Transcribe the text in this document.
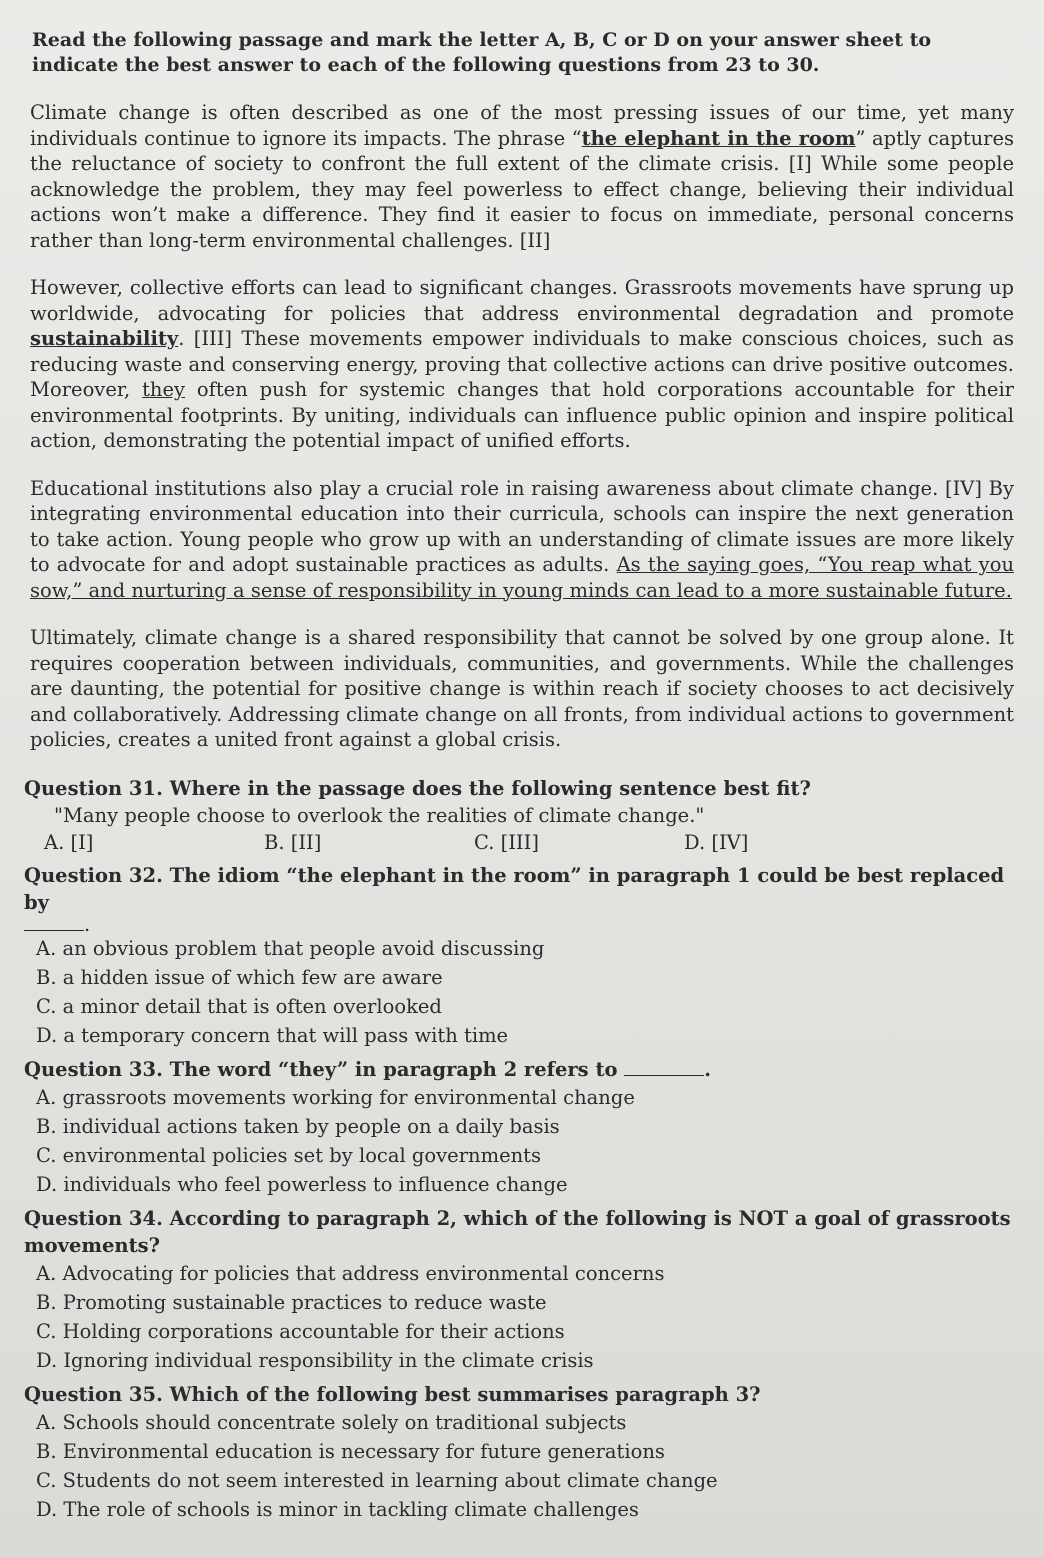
Read the following passage and mark the letter A, B, C or D on your answer sheet to indicate the best answer to each of the following questions from 23 to 30.

Climate change is often described as one of the most pressing issues of our time, yet many individuals continue to ignore its impacts. The phrase “the elephant in the room” aptly captures the reluctance of society to confront the full extent of the climate crisis. [I] While some people acknowledge the problem, they may feel powerless to effect change, believing their individual actions won’t make a difference. They find it easier to focus on immediate, personal concerns rather than long-term environmental challenges. [II]

However, collective efforts can lead to significant changes. Grassroots movements have sprung up worldwide, advocating for policies that address environmental degradation and promote sustainability. [III] These movements empower individuals to make conscious choices, such as reducing waste and conserving energy, proving that collective actions can drive positive outcomes. Moreover, they often push for systemic changes that hold corporations accountable for their environmental footprints. By uniting, individuals can influence public opinion and inspire political action, demonstrating the potential impact of unified efforts.

Educational institutions also play a crucial role in raising awareness about climate change. [IV] By integrating environmental education into their curricula, schools can inspire the next generation to take action. Young people who grow up with an understanding of climate issues are more likely to advocate for and adopt sustainable practices as adults. As the saying goes, “You reap what you sow,” and nurturing a sense of responsibility in young minds can lead to a more sustainable future.

Ultimately, climate change is a shared responsibility that cannot be solved by one group alone. It requires cooperation between individuals, communities, and governments. While the challenges are daunting, the potential for positive change is within reach if society chooses to act decisively and collaboratively. Addressing climate change on all fronts, from individual actions to government policies, creates a united front against a global crisis.

Question 31. Where in the passage does the following sentence best fit?
"Many people choose to overlook the realities of climate change."
A. [I]	B. [II]	C. [III]	D. [IV]
Question 32. The idiom “the elephant in the room” in paragraph 1 could be best replaced by
.
A. an obvious problem that people avoid discussing
B. a hidden issue of which few are aware
C. a minor detail that is often overlooked
D. a temporary concern that will pass with time
Question 33. The word “they” in paragraph 2 refers to	.
A. grassroots movements working for environmental change
B. individual actions taken by people on a daily basis
C. environmental policies set by local governments
D. individuals who feel powerless to influence change
Question 34. According to paragraph 2, which of the following is NOT a goal of grassroots movements?
A. Advocating for policies that address environmental concerns
B. Promoting sustainable practices to reduce waste
C. Holding corporations accountable for their actions
D. Ignoring individual responsibility in the climate crisis
Question 35. Which of the following best summarises paragraph 3?
A. Schools should concentrate solely on traditional subjects
B. Environmental education is necessary for future generations
C. Students do not seem interested in learning about climate change
D. The role of schools is minor in tackling climate challenges
